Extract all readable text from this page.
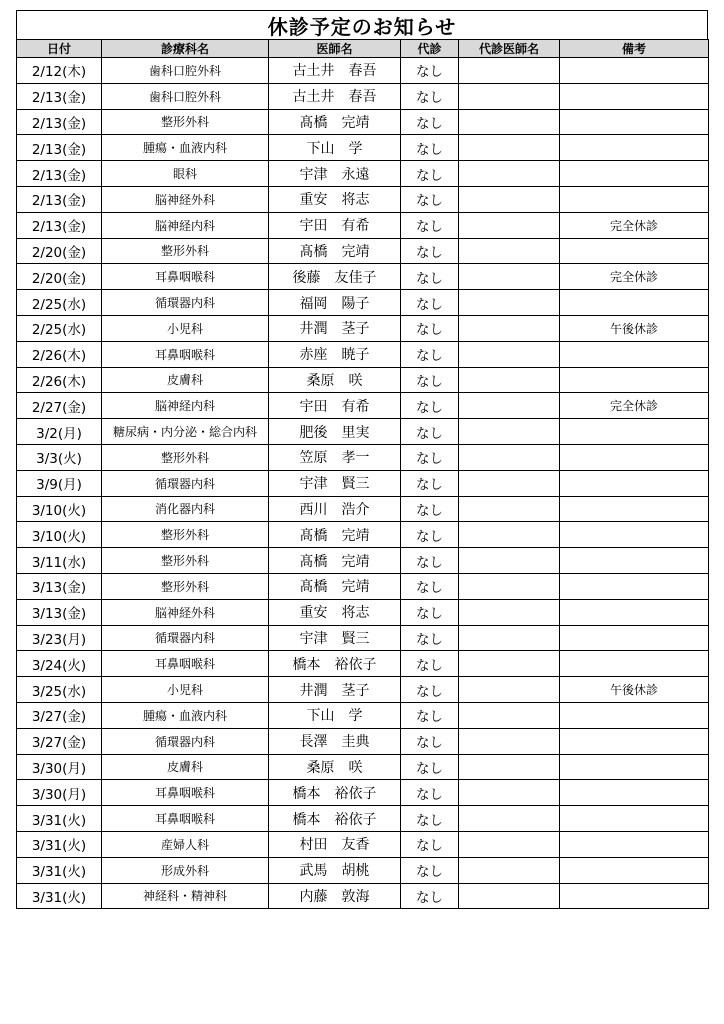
休診予定のお知らせ
日付	診療科名	医師名	代診	代診医師名	備考
2/12(木)	歯科口腔外科	古土井　春吾	なし		
2/13(金)	歯科口腔外科	古土井　春吾	なし		
2/13(金)	整形外科	髙橋　完靖	なし		
2/13(金)	腫瘍・血液内科	下山　学	なし		
2/13(金)	眼科	宇津　永遠	なし		
2/13(金)	脳神経外科	重安　将志	なし		
2/13(金)	脳神経内科	宇田　有希	なし		完全休診
2/20(金)	整形外科	髙橋　完靖	なし		
2/20(金)	耳鼻咽喉科	後藤　友佳子	なし		完全休診
2/25(水)	循環器内科	福岡　陽子	なし		
2/25(水)	小児科	井潤　茎子	なし		午後休診
2/26(木)	耳鼻咽喉科	赤座　暁子	なし		
2/26(木)	皮膚科	桑原　咲	なし		
2/27(金)	脳神経内科	宇田　有希	なし		完全休診
3/2(月)	糖尿病・内分泌・総合内科	肥後　里実	なし		
3/3(火)	整形外科	笠原　孝一	なし		
3/9(月)	循環器内科	宇津　賢三	なし		
3/10(火)	消化器内科	西川　浩介	なし		
3/10(火)	整形外科	髙橋　完靖	なし		
3/11(水)	整形外科	髙橋　完靖	なし		
3/13(金)	整形外科	髙橋　完靖	なし		
3/13(金)	脳神経外科	重安　将志	なし		
3/23(月)	循環器内科	宇津　賢三	なし		
3/24(火)	耳鼻咽喉科	橋本　裕依子	なし		
3/25(水)	小児科	井潤　茎子	なし		午後休診
3/27(金)	腫瘍・血液内科	下山　学	なし		
3/27(金)	循環器内科	長澤　圭典	なし		
3/30(月)	皮膚科	桑原　咲	なし		
3/30(月)	耳鼻咽喉科	橋本　裕依子	なし		
3/31(火)	耳鼻咽喉科	橋本　裕依子	なし		
3/31(火)	産婦人科	村田　友香	なし		
3/31(火)	形成外科	武馬　胡桃	なし		
3/31(火)	神経科・精神科	内藤　敦海	なし		
